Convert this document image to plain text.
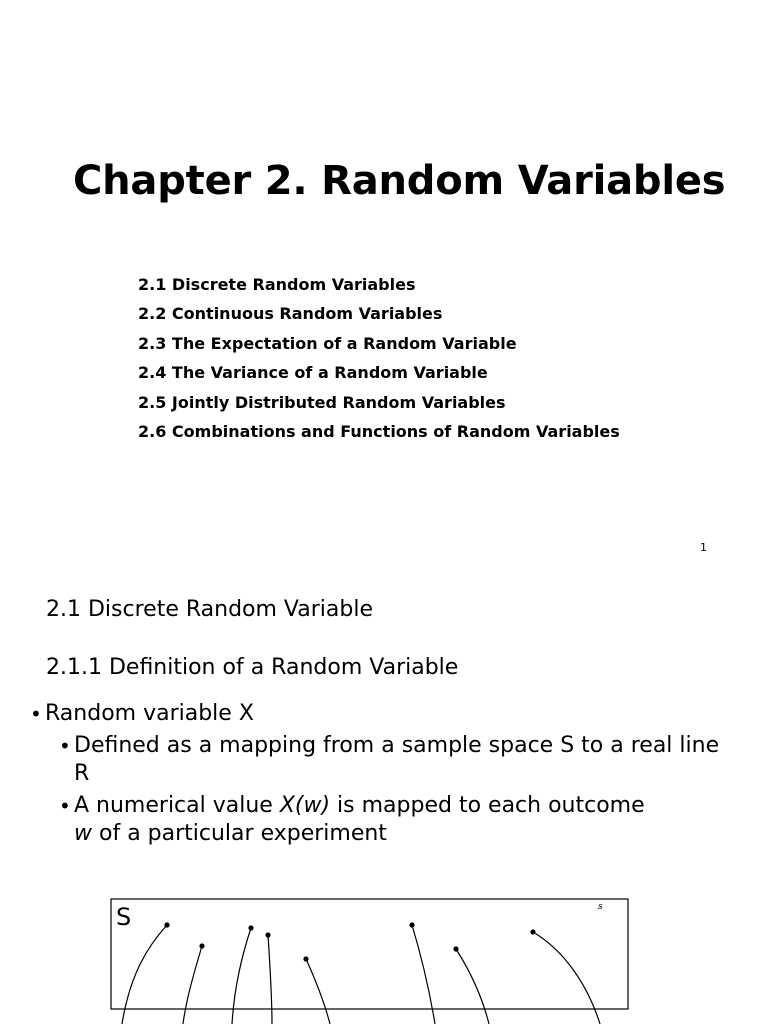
Chapter 2. Random Variables
2.1 Discrete Random Variables
2.2 Continuous Random Variables
2.3 The Expectation of a Random Variable
2.4 The Variance of a Random Variable
2.5 Jointly Distributed Random Variables
2.6 Combinations and Functions of Random Variables
1
2.1 Discrete Random Variable
2.1.1 Definition of a Random Variable
• Random variable X
• Defined as a mapping from a sample space S to a real line R
• A numerical value X(w) is mapped to each outcome
w of a particular experiment
S	s
